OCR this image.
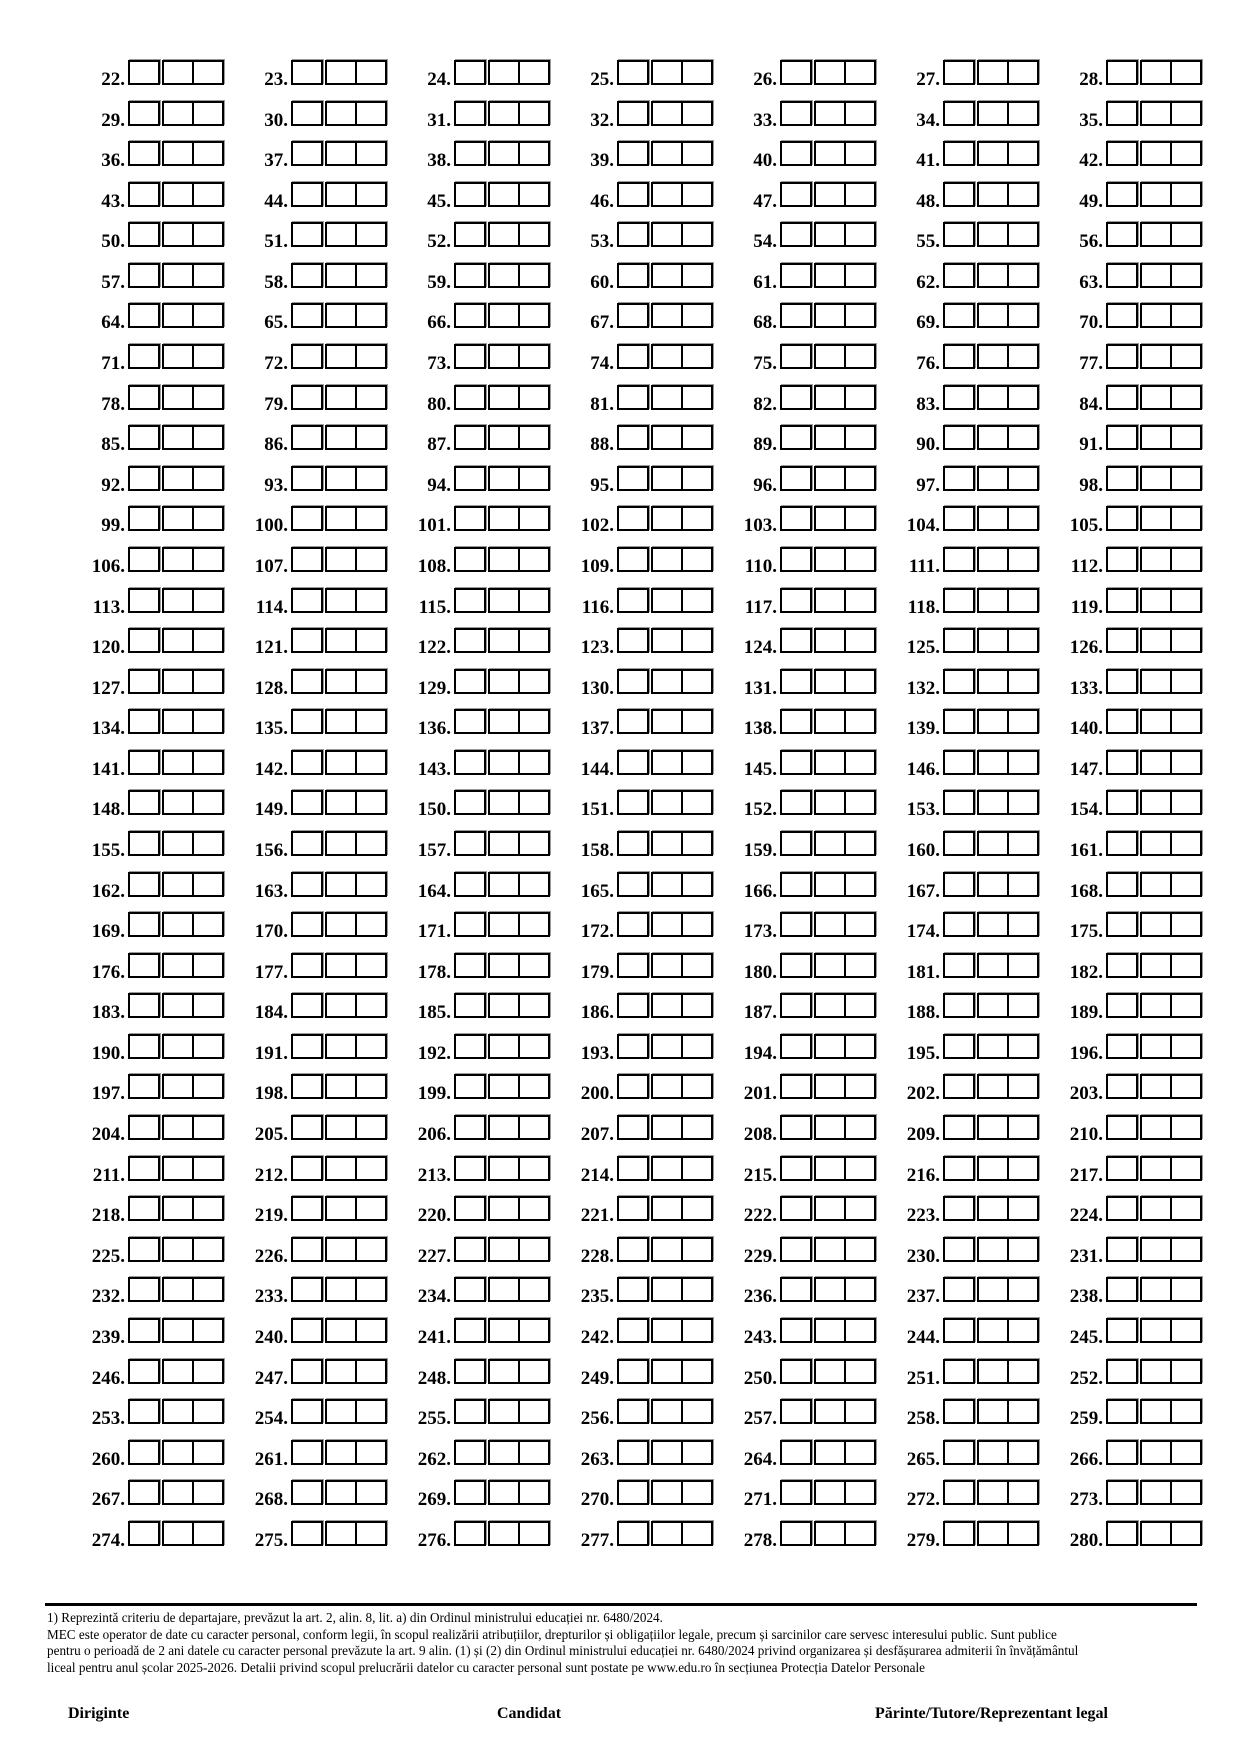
22.	23.	24.	25.	26.	27.	28.
29.	30.	31.	32.	33.	34.	35.
36.	37.	38.	39.	40.	41.	42.
43.	44.	45.	46.	47.	48.	49.
50.	51.	52.	53.	54.	55.	56.
57.	58.	59.	60.	61.	62.	63.
64.	65.	66.	67.	68.	69.	70.
71.	72.	73.	74.	75.	76.	77.
78.	79.	80.	81.	82.	83.	84.
85.	86.	87.	88.	89.	90.	91.
92.	93.	94.	95.	96.	97.	98.
99.	100.	101.	102.	103.	104.	105.
106.	107.	108.	109.	110.	111.	112.
113.	114.	115.	116.	117.	118.	119.
120.	121.	122.	123.	124.	125.	126.
127.	128.	129.	130.	131.	132.	133.
134.	135.	136.	137.	138.	139.	140.
141.	142.	143.	144.	145.	146.	147.
148.	149.	150.	151.	152.	153.	154.
155.	156.	157.	158.	159.	160.	161.
162.	163.	164.	165.	166.	167.	168.
169.	170.	171.	172.	173.	174.	175.
176.	177.	178.	179.	180.	181.	182.
183.	184.	185.	186.	187.	188.	189.
190.	191.	192.	193.	194.	195.	196.
197.	198.	199.	200.	201.	202.	203.
204.	205.	206.	207.	208.	209.	210.
211.	212.	213.	214.	215.	216.	217.
218.	219.	220.	221.	222.	223.	224.
225.	226.	227.	228.	229.	230.	231.
232.	233.	234.	235.	236.	237.	238.
239.	240.	241.	242.	243.	244.	245.
246.	247.	248.	249.	250.	251.	252.
253.	254.	255.	256.	257.	258.	259.
260.	261.	262.	263.	264.	265.	266.
267.	268.	269.	270.	271.	272.	273.
274.	275.	276.	277.	278.	279.	280.
1) Reprezintă criteriu de departajare, prevăzut la art. 2, alin. 8, lit. a) din Ordinul ministrului educației nr. 6480/2024.
MEC este operator de date cu caracter personal, conform legii, în scopul realizării atribuțiilor, drepturilor și obligațiilor legale, precum și sarcinilor care servesc interesului public. Sunt publice
pentru o perioadă de 2 ani datele cu caracter personal prevăzute la art. 9 alin. (1) și (2) din Ordinul ministrului educației nr. 6480/2024 privind organizarea și desfășurarea admiterii în învățământul
liceal pentru anul școlar 2025-2026. Detalii privind scopul prelucrării datelor cu caracter personal sunt postate pe www.edu.ro în secțiunea Protecția Datelor Personale
Diriginte	Candidat	Părinte/Tutore/Reprezentant legal
